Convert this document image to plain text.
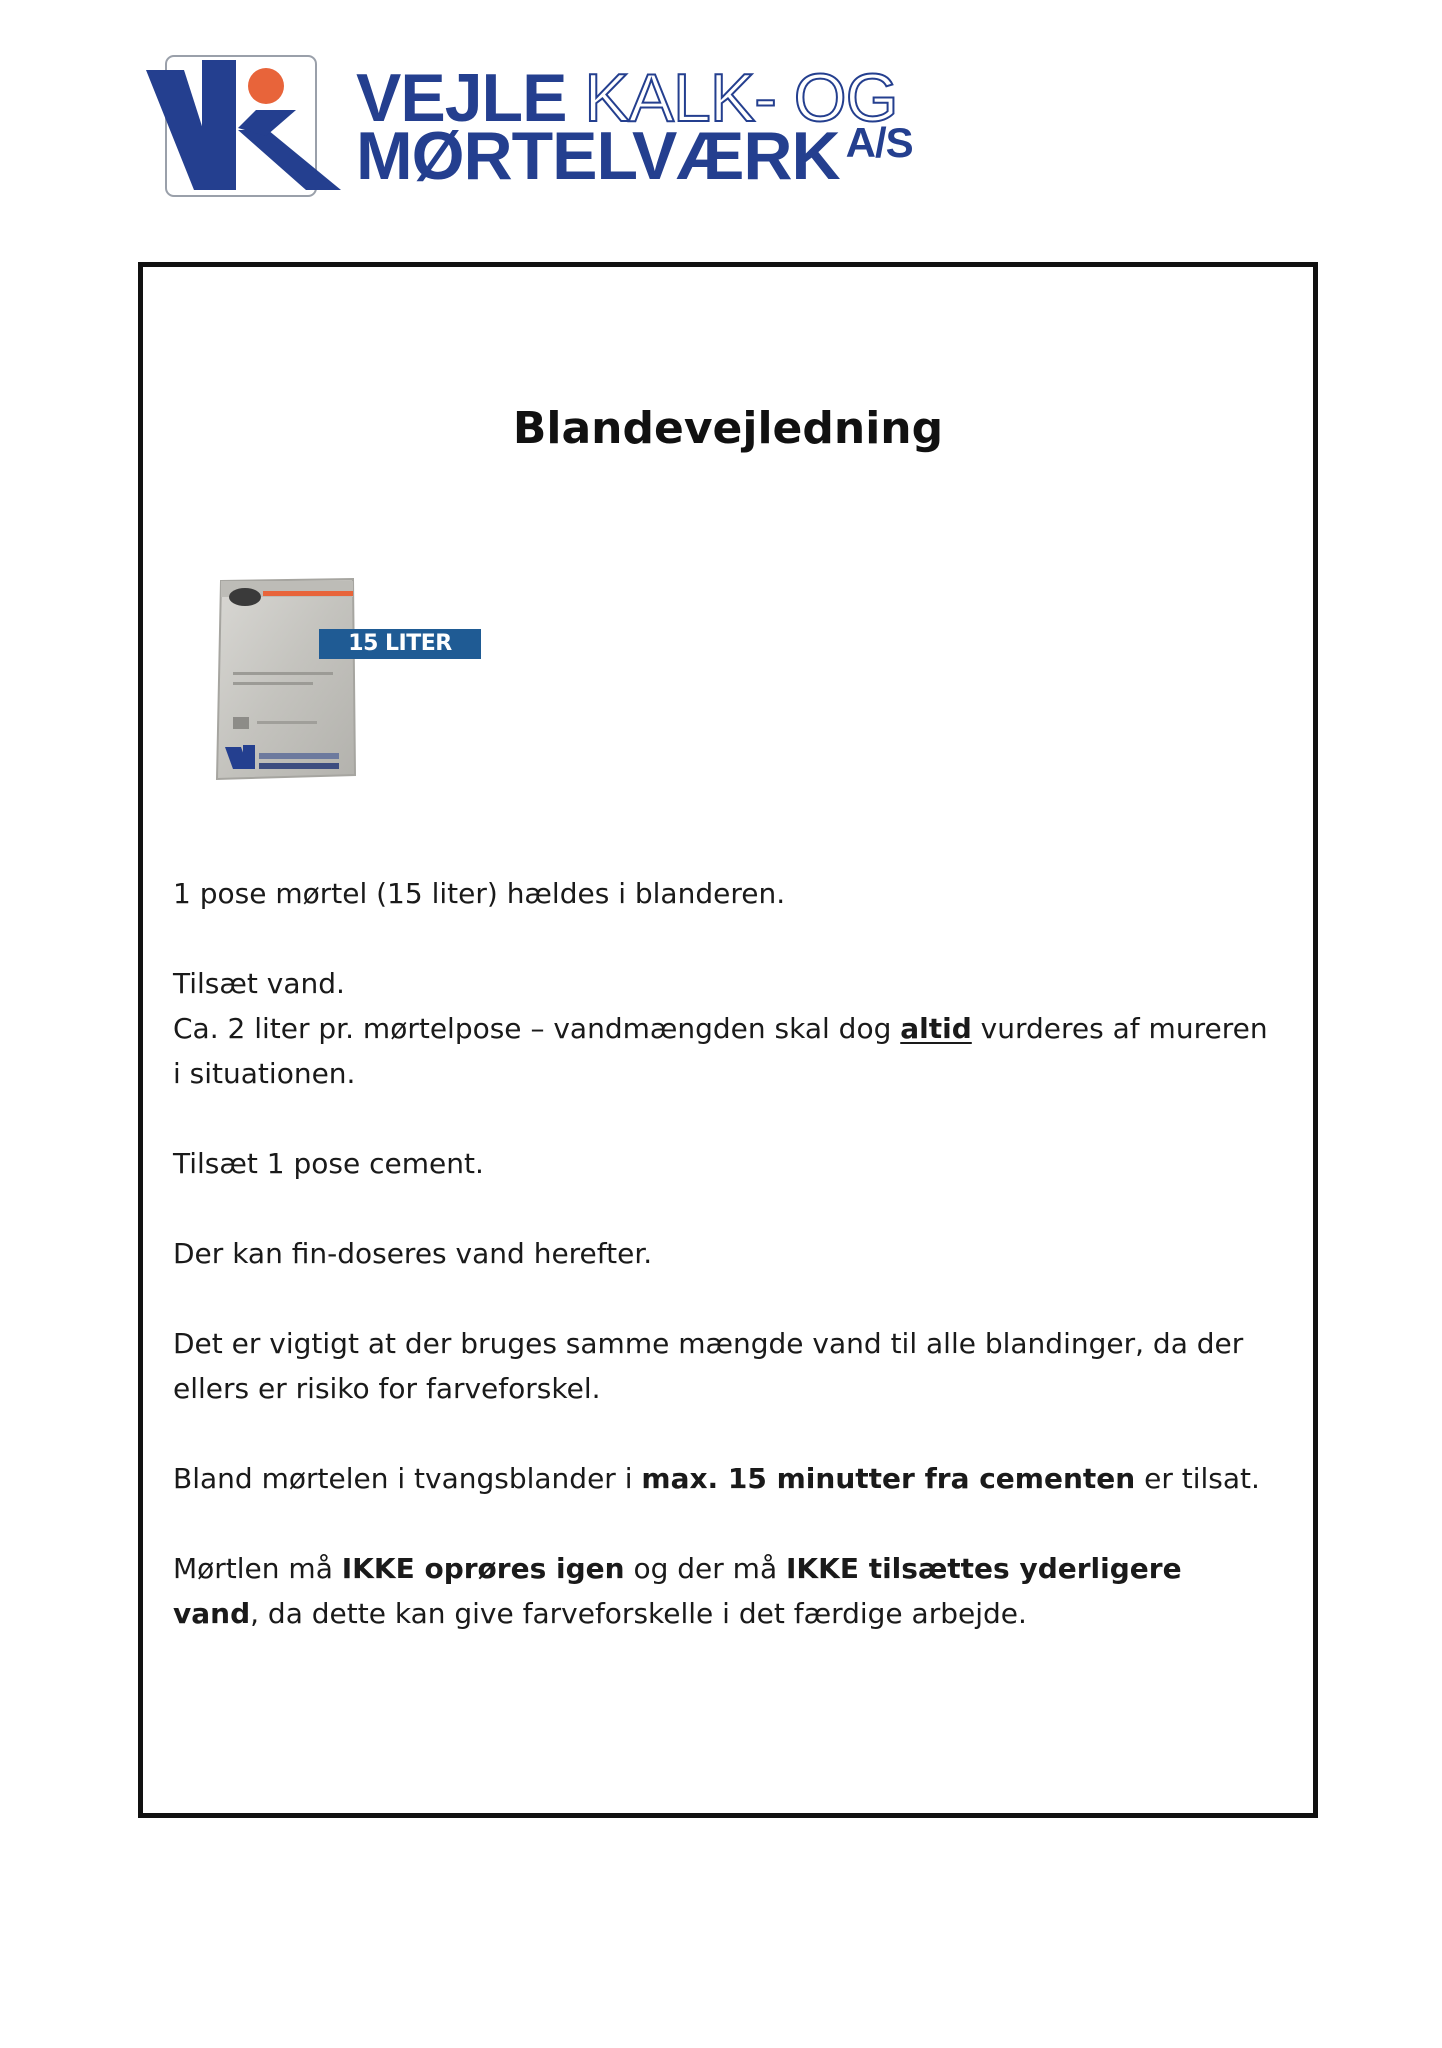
VEJLE KALK- OG
MØRTELVÆRK $^{A/S}$
Blandevejledning
15 LITER

1 pose mørtel (15 liter) hældes i blanderen.

Tilsæt vand.
Ca. 2 liter pr. mørtelpose – vandmængden skal dog altid vurderes af mureren i situationen.

Tilsæt 1 pose cement.

Der kan fin-doseres vand herefter.

Det er vigtigt at der bruges samme mængde vand til alle blandinger, da der ellers er risiko for farveforskel.

Bland mørtelen i tvangsblander i max. 15 minutter fra cementen er tilsat.

Mørtlen må IKKE oprøres igen og der må IKKE tilsættes yderligere vand, da dette kan give farveforskelle i det færdige arbejde.
